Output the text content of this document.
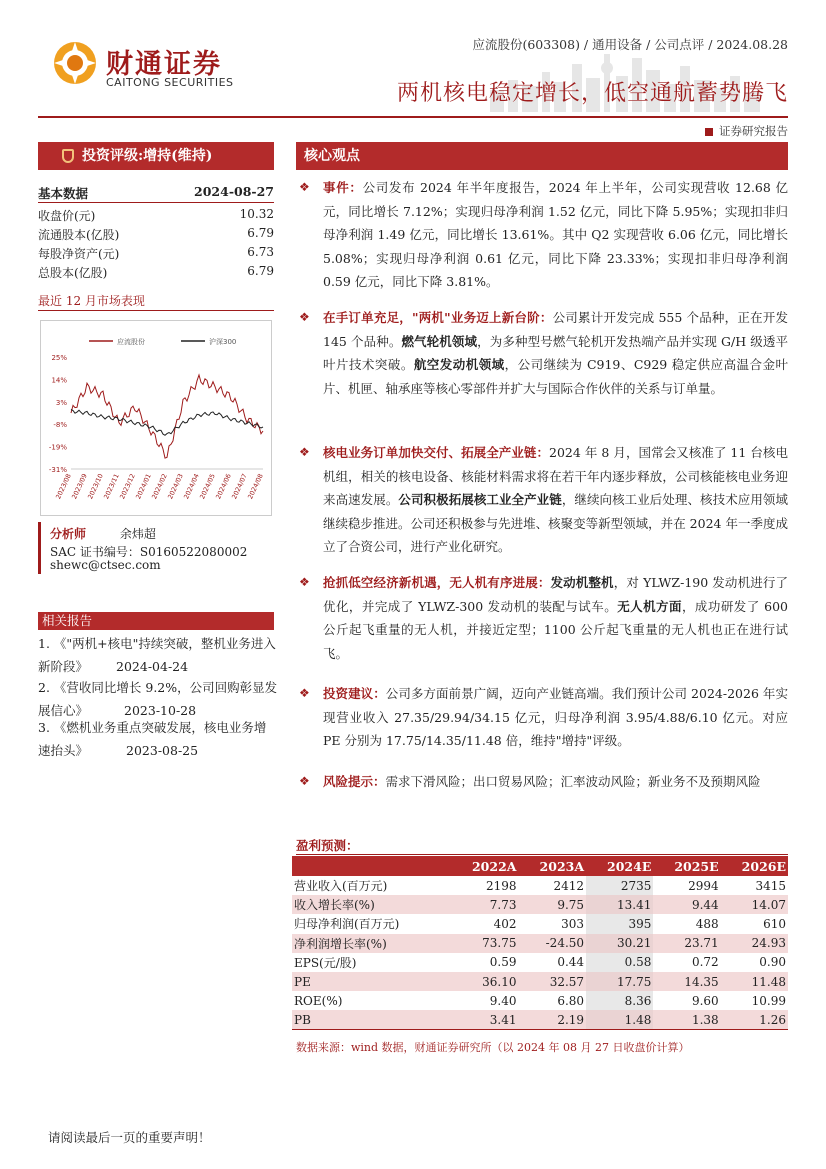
财通证券
CAITONG SECURITIES
应流股份(603308) / 通用设备 / 公司点评 / 2024.08.28
两机核电稳定增长，低空通航蓄势腾飞
证券研究报告
投资评级:增持(维持)
基本数据	2024-08-27
收盘价(元)	10.32
流通股本(亿股)	6.79
每股净资产(元)	6.73
总股本(亿股)	6.79
最近 12 月市场表现
应流股份	沪深300
25%
14%
3%
-8%
-19%
-31%
2023/08
2023/09
2023/10
2023/11
2023/12
2024/01
2024/02
2024/03
2024/04
2024/05
2024/06
2024/07
2024/08
分析师	余炜超
SAC 证书编号：S0160522080002
shewc@ctsec.com
相关报告
1. 《"两机+核电"持续突破，整机业务进入新阶段》 2024-04-24
2. 《营收同比增长 9.2%，公司回购彰显发展信心》	2023-10-28
3. 《燃机业务重点突破发展，核电业务增速抬头》	2023-08-25
核心观点
❖ 事件：公司发布 2024 年半年度报告，2024 年上半年，公司实现营收 12.68 亿元，同比增长 7.12%；实现归母净利润 1.52 亿元，同比下降 5.95%；实现扣非归母净利润 1.49 亿元，同比增长 13.61%。其中 Q2 实现营收 6.06 亿元，同比增长 5.08%；实现归母净利润 0.61 亿元，同比下降 23.33%；实现扣非归母净利润 0.59 亿元，同比下降 3.81%。
❖ 在手订单充足，"两机"业务迈上新台阶：公司累计开发完成 555 个品种，正在开发 145 个品种。燃气轮机领域，为多种型号燃气轮机开发热端产品并实现 G/H 级透平叶片技术突破。航空发动机领域，公司继续为 C919、C929 稳定供应高温合金叶片、机匣、轴承座等核心零部件并扩大与国际合作伙伴的关系与订单量。
❖ 核电业务订单加快交付、拓展全产业链：2024 年 8 月，国常会又核准了 11 台核电机组，相关的核电设备、核能材料需求将在若干年内逐步释放，公司核能核电业务迎来高速发展。公司积极拓展核工业全产业链，继续向核工业后处理、核技术应用领域继续稳步推进。公司还积极参与先进堆、核聚变等新型领域，并在 2024 年一季度成立了合资公司，进行产业化研究。
❖ 抢抓低空经济新机遇，无人机有序进展：发动机整机，对 YLWZ-190 发动机进行了优化，并完成了 YLWZ-300 发动机的装配与试车。无人机方面，成功研发了 600 公斤起飞重量的无人机，并接近定型；1100 公斤起飞重量的无人机也正在进行试飞。
❖ 投资建议：公司多方面前景广阔，迈向产业链高端。我们预计公司 2024-2026 年实现营业收入 27.35/29.94/34.15 亿元，归母净利润 3.95/4.88/6.10 亿元。对应 PE 分别为 17.75/14.35/11.48 倍，维持"增持"评级。
❖ 风险提示：需求下滑风险；出口贸易风险；汇率波动风险；新业务不及预期风险
盈利预测：
	2022A	2023A	2024E	2025E	2026E
营业收入(百万元)	2198	2412	2735	2994	3415
收入增长率(%)	7.73	9.75	13.41	9.44	14.07
归母净利润(百万元)	402	303	395	488	610
净利润增长率(%)	73.75	-24.50	30.21	23.71	24.93
EPS(元/股)	0.59	0.44	0.58	0.72	0.90
PE	36.10	32.57	17.75	14.35	11.48
ROE(%)	9.40	6.80	8.36	9.60	10.99
PB	3.41	2.19	1.48	1.38	1.26
数据来源：wind 数据，财通证券研究所（以 2024 年 08 月 27 日收盘价计算）
请阅读最后一页的重要声明！
